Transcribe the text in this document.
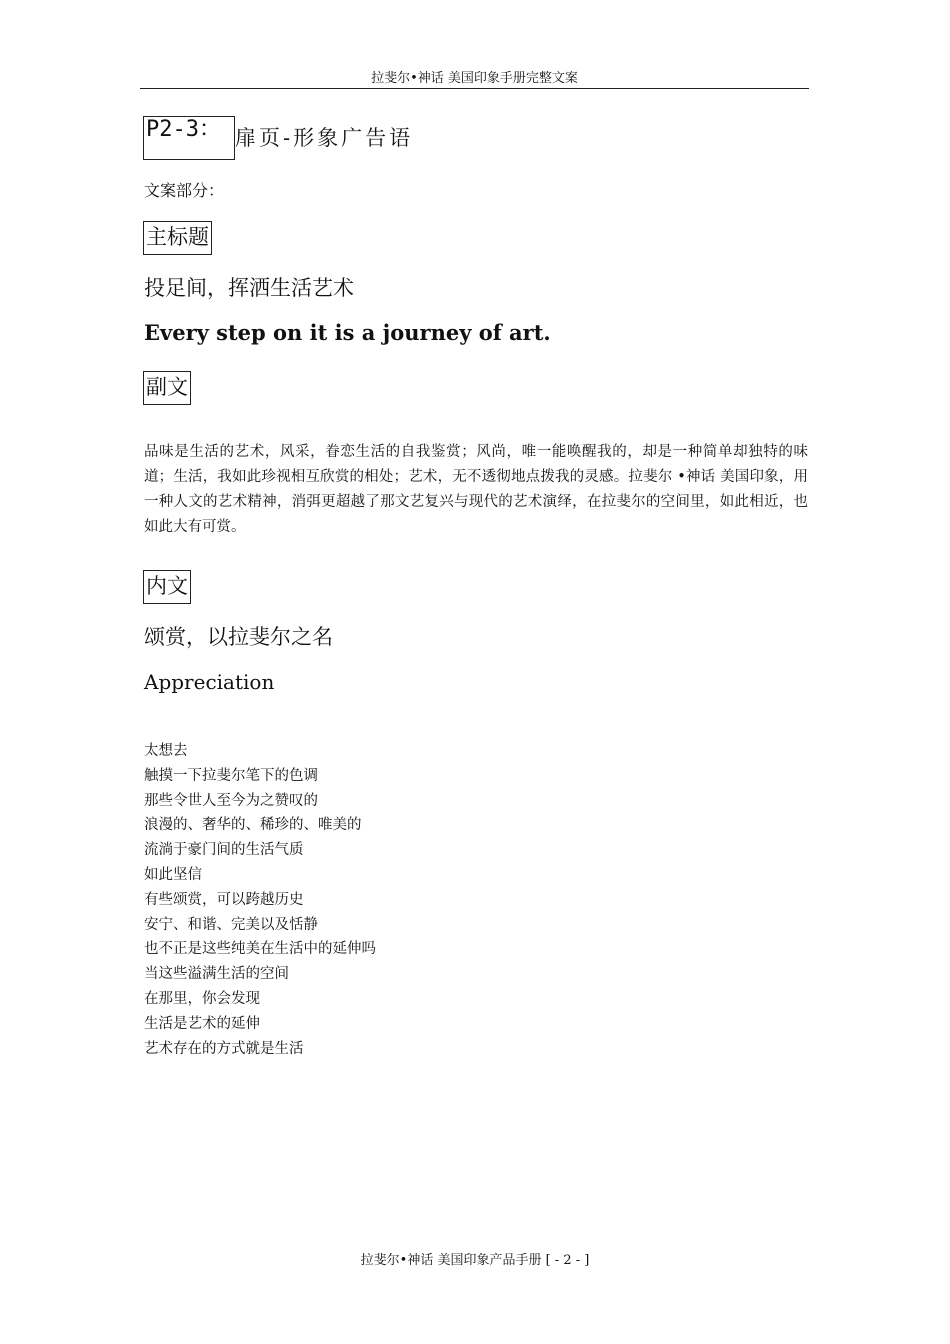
拉斐尔•神话 美国印象手册完整文案
P2-3： 扉页-形象广告语
文案部分：
主标题
投足间，挥洒生活艺术
Every step on it is a journey of art.
副文
品味是生活的艺术，风采，眷恋生活的自我鉴赏；风尚，唯一能唤醒我的，却是一种简单却独特的味道；生活，我如此珍视相互欣赏的相处；艺术，无不透彻地点拨我的灵感。拉斐尔 •神话 美国印象，用一种人文的艺术精神，消弭更超越了那文艺复兴与现代的艺术演绎，在拉斐尔的空间里，如此相近，也如此大有可赏。
内文
颂赏，以拉斐尔之名
Appreciation
太想去
触摸一下拉斐尔笔下的色调
那些令世人至今为之赞叹的
浪漫的、奢华的、稀珍的、唯美的
流淌于豪门间的生活气质
如此坚信
有些颂赏，可以跨越历史
安宁、和谐、完美以及恬静
也不正是这些纯美在生活中的延伸吗
当这些溢满生活的空间
在那里，你会发现
生活是艺术的延伸
艺术存在的方式就是生活
拉斐尔•神话 美国印象产品手册 [ - 2 - ]
